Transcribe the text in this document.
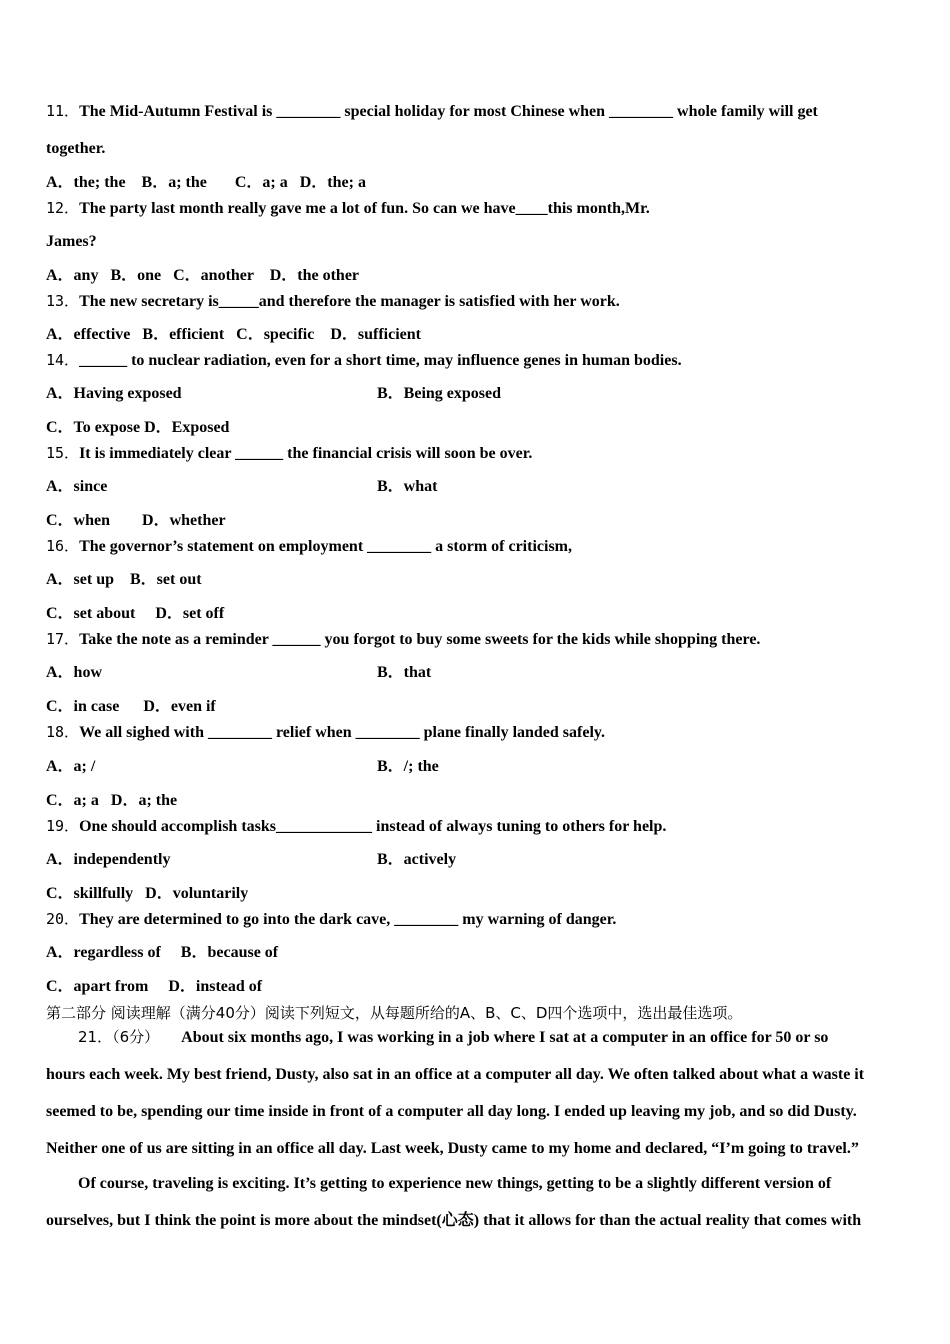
11．The Mid-Autumn Festival is ________ special holiday for most Chinese when ________ whole family will get
together.
A．the; the    B．a; the       C．a; a   D．the; a
12．The party last month really gave me a lot of fun. So can we have____this month,Mr.
James?
A．any   B．one   C．another    D．the other
13．The new secretary is_____and therefore the manager is satisfied with her work.
A．effective   B．efficient   C．specific    D．sufficient
14．______ to nuclear radiation, even for a short time, may influence genes in human bodies.
A．Having exposed	B．Being exposed
C．To expose D．Exposed
15．It is immediately clear ______ the financial crisis will soon be over.
A．since	B．what
C．when        D．whether
16．The governor’s statement on employment ________ a storm of criticism,
A．set up    B．set out
C．set about     D．set off
17．Take the note as a reminder ______ you forgot to buy some sweets for the kids while shopping there.
A．how	B．that
C．in case      D．even if
18．We all sighed with ________ relief when ________ plane finally landed safely.
A．a; /	B．/; the
C．a; a   D．a; the
19．One should accomplish tasks____________ instead of always tuning to others for help.
A．independently	B．actively
C．skillfully   D．voluntarily
20．They are determined to go into the dark cave, ________ my warning of danger.
A．regardless of     B．because of
C．apart from     D．instead of
第二部分 阅读理解（满分40分）阅读下列短文，从每题所给的A、B、C、D四个选项中，选出最佳选项。
21．（6分） About six months ago, I was working in a job where I sat at a computer in an office for 50 or so
hours each week. My best friend, Dusty, also sat in an office at a computer all day. We often talked about what a waste it
seemed to be, spending our time inside in front of a computer all day long. I ended up leaving my job, and so did Dusty.
Neither one of us are sitting in an office all day. Last week, Dusty came to my home and declared, “I’m going to travel.”
Of course, traveling is exciting. It’s getting to experience new things, getting to be a slightly different version of
ourselves, but I think the point is more about the mindset(心态) that it allows for than the actual reality that comes with
